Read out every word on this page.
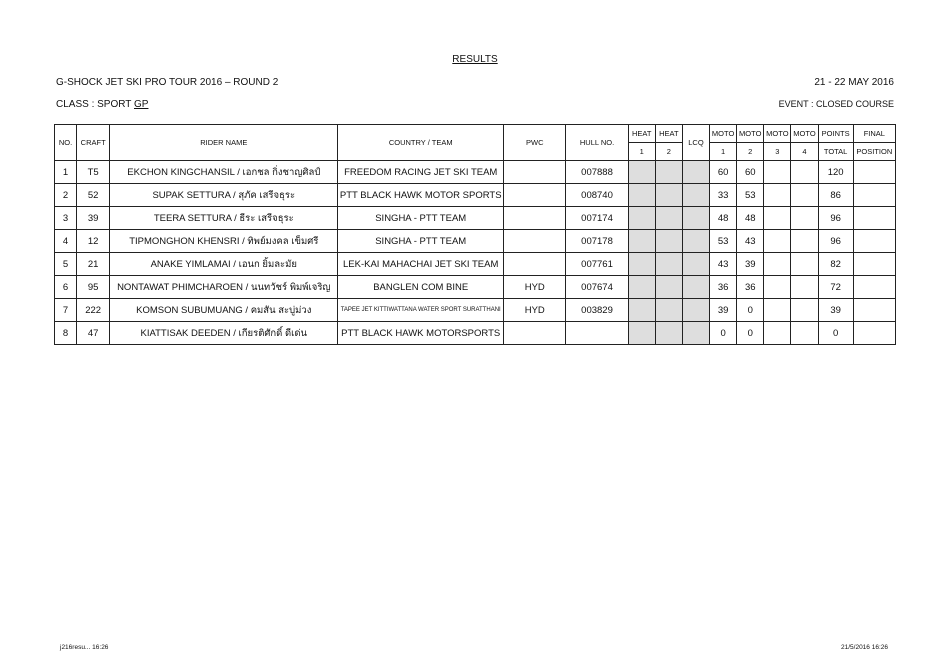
RESULTS
G-SHOCK JET SKI PRO TOUR 2016 – ROUND 2	21 - 22 MAY 2016
CLASS : SPORT GP	EVENT : CLOSED COURSE
NO.	CRAFT	RIDER NAME	COUNTRY / TEAM	PWC	HULL NO.	HEAT	HEAT	LCQ	MOTO	MOTO	MOTO	MOTO	POINTS	FINAL
						1	2		1	2	3	4	TOTAL	POSITION
1	T5	EKCHON KINGCHANSIL / เอกชล กิ่งชาญศิลป์	FREEDOM RACING JET SKI TEAM		007888				60	60			120	
2	52	SUPAK SETTURA / สุภัค เสรีจธุระ	PTT BLACK HAWK MOTOR SPORTS		008740				33	53			86	
3	39	TEERA SETTURA / ธีระ เสรีจธุระ	SINGHA - PTT TEAM		007174				48	48			96	
4	12	TIPMONGHON KHENSRI / ทิพย์มงคล เข็มศรี	SINGHA - PTT TEAM		007178				53	43			96	
5	21	ANAKE YIMLAMAI / เอนก ยิ้มละมัย	LEK-KAI MAHACHAI JET SKI TEAM		007761				43	39			82	
6	95	NONTAWAT PHIMCHAROEN / นนทวัชร์ พิมพ์เจริญ	BANGLEN COM BINE	HYD	007674				36	36			72	
7	222	KOMSON SUBUMUANG / คมสัน สะบู่ม่วง	TAPEE JET KITTIWATTANA WATER SPORT SURATTHANI	HYD	003829				39	0			39	
8	47	KIATTISAK DEEDEN / เกียรติศักดิ์ ดีเด่น	PTT BLACK HAWK MOTORSPORTS						0	0			0	
j216resu... 16:26	21/5/2016 16:26
